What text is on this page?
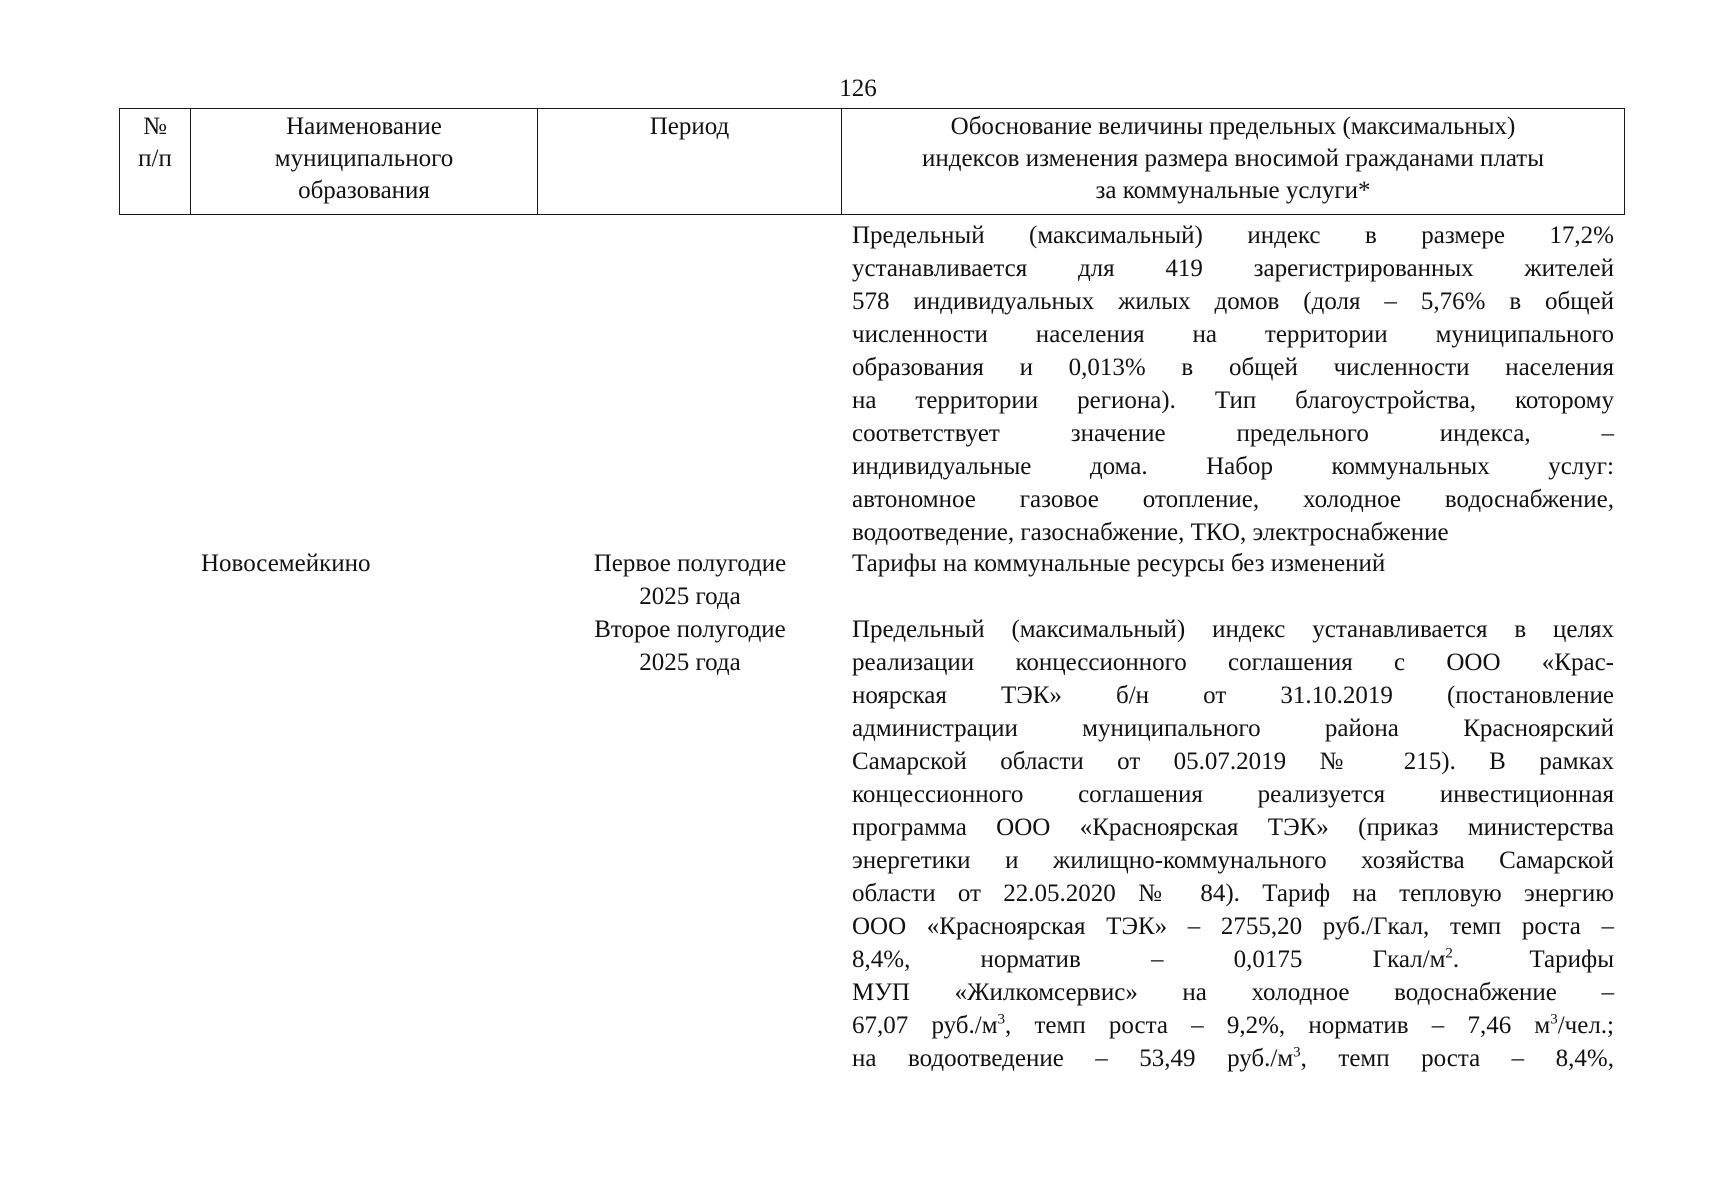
126
№
п/п
Наименование
муниципального
образования
Период	Обоснование величины предельных (максимальных)
индексов изменения размера вносимой гражданами платы
за коммунальные услуги*
Предельный (максимальный) индекс в размере 17,2%
устанавливается для 419 зарегистрированных жителей
578 индивидуальных жилых домов (доля – 5,76% в общей
численности населения на территории муниципального
образования и 0,013% в общей численности населения
на территории региона). Тип благоустройства, которому
соответствует значение предельного индекса, –
индивидуальные дома. Набор коммунальных услуг:
автономное газовое отопление, холодное водоснабжение,
водоотведение, газоснабжение, ТКО, электроснабжение
Новосемейкино	Первое полугодие
2025 года
Тарифы на коммунальные ресурсы без изменений
Второе полугодие
2025 года
Предельный (максимальный) индекс устанавливается в целях
реализации концессионного соглашения с ООО «Крас-
ноярская ТЭК» б/н от 31.10.2019 (постановление
администрации муниципального района Красноярский
Самарской области от 05.07.2019 № 215). В рамках
концессионного соглашения реализуется инвестиционная
программа ООО «Красноярская ТЭК» (приказ министерства
энергетики и жилищно-коммунального хозяйства Самарской
области от 22.05.2020 № 84). Тариф на тепловую энергию
ООО «Красноярская ТЭК» – 2755,20 руб./Гкал, темп роста –
8,4%, норматив – 0,0175 Гкал/$м^2$. Тарифы
МУП «Жилкомсервис» на холодное водоснабжение –
67,07 $руб./м^3$, темп роста – 9,2%, норматив – 7,46 $м^3$/чел.;
на водоотведение – 53,49 $руб./м^3$, темп роста – 8,4%,
